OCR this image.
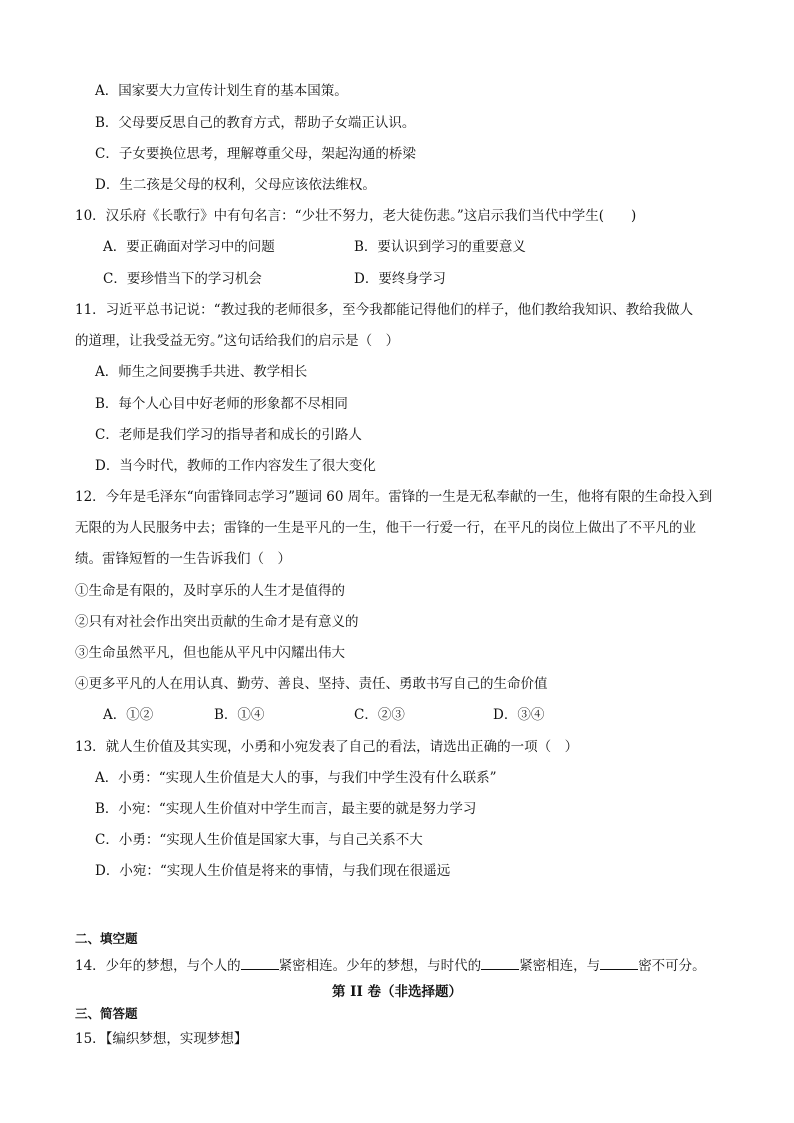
A．国家要大力宣传计划生育的基本国策。
B．父母要反思自己的教育方式，帮助子女端正认识。
C．子女要换位思考，理解尊重父母，架起沟通的桥梁
D．生二孩是父母的权利，父母应该依法维权。
10．汉乐府《长歌行》中有句名言：“少壮不努力，老大徒伤悲。”这启示我们当代中学生(　　)
A．要正确面对学习中的问题	B．要认识到学习的重要意义
C．要珍惜当下的学习机会	D．要终身学习
11．习近平总书记说：“教过我的老师很多，至今我都能记得他们的样子，他们教给我知识、教给我做人
的道理，让我受益无穷。”这句话给我们的启示是（　）
A．师生之间要携手共进、教学相长
B．每个人心目中好老师的形象都不尽相同
C．老师是我们学习的指导者和成长的引路人
D．当今时代，教师的工作内容发生了很大变化
12．今年是毛泽东“向雷锋同志学习”题词 60 周年。雷锋的一生是无私奉献的一生，他将有限的生命投入到
无限的为人民服务中去；雷锋的一生是平凡的一生，他干一行爱一行，在平凡的岗位上做出了不平凡的业
绩。雷锋短暂的一生告诉我们（　）
①生命是有限的，及时享乐的人生才是值得的
②只有对社会作出突出贡献的生命才是有意义的
③生命虽然平凡，但也能从平凡中闪耀出伟大
④更多平凡的人在用认真、勤劳、善良、坚持、责任、勇敢书写自己的生命价值
A．①②	B．①④	C．②③	D．③④
13．就人生价值及其实现，小勇和小宛发表了自己的看法，请选出正确的一项（　）
A．小勇：“实现人生价值是大人的事，与我们中学生没有什么联系”
B．小宛：“实现人生价值对中学生而言，最主要的就是努力学习
C．小勇：“实现人生价值是国家大事，与自己关系不大
D．小宛：“实现人生价值是将来的事情，与我们现在很遥远
二、填空题
14．少年的梦想，与个人的	紧密相连。少年的梦想，与时代的	紧密相连，与	密不可分。
第 II 卷（非选择题）
三、简答题
15．【编织梦想，实现梦想】
